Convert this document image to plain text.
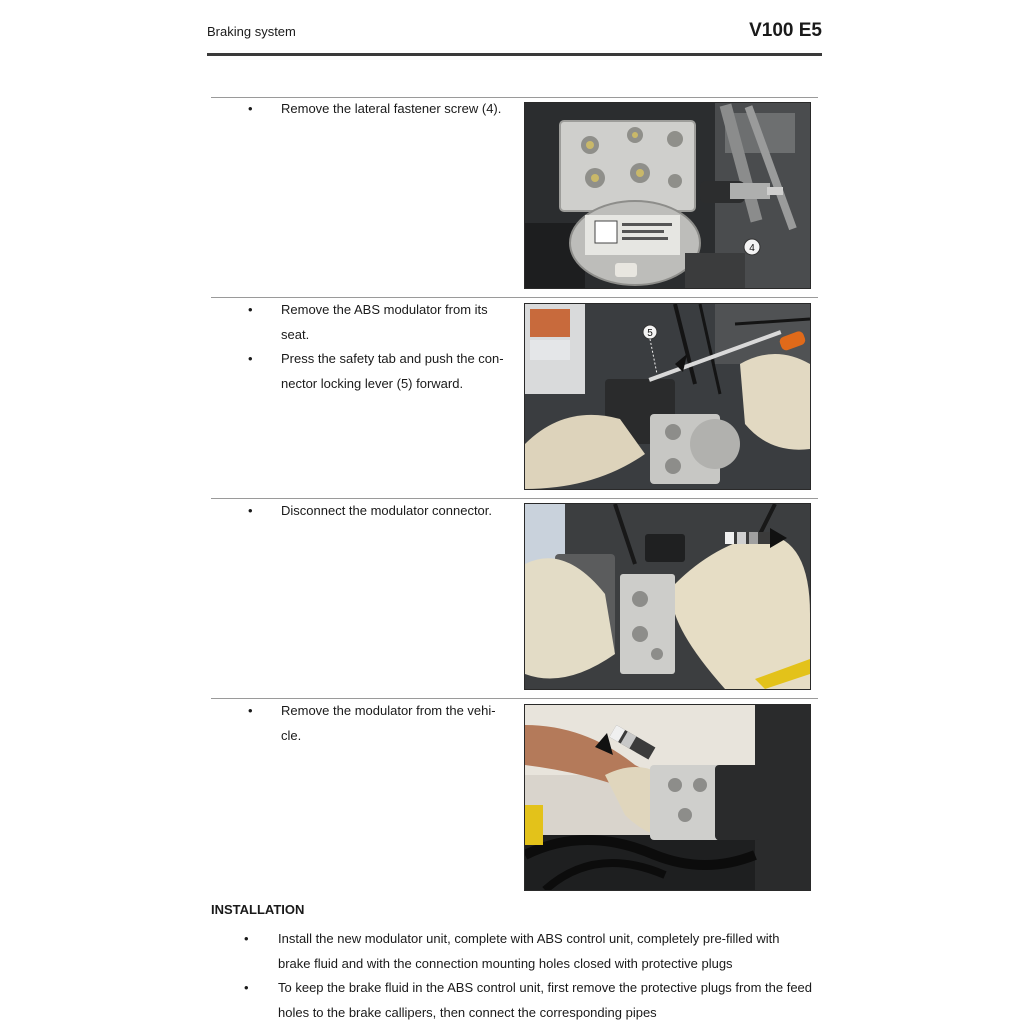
Braking system	V100 E5
•	Remove the lateral fastener screw (4).
4
•	Remove the ABS modulator from its seat.
•	Press the safety tab and push the con- nector locking lever (5) forward.
5
•	Disconnect the modulator connector.
•	Remove the modulator from the vehi- cle.
INSTALLATION
• Install the new modulator unit, complete with ABS control unit, completely pre-filled with brake fluid and with the connection mounting holes closed with protective plugs
• To keep the brake fluid in the ABS control unit, first remove the protective plugs from the feed holes to the brake callipers, then connect the corresponding pipes
